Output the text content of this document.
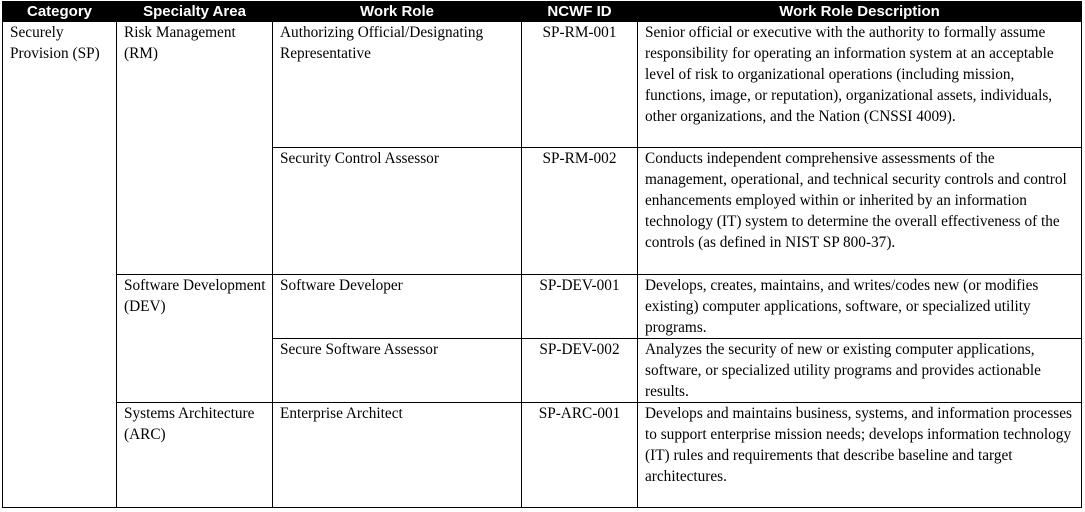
Category	Specialty Area	Work Role	NCWF ID	Work Role Description
Securely Provision (SP)	Risk Management (RM)	Authorizing Official/Designating Representative	SP-RM-001	Senior official or executive with the authority to formally assume responsibility for operating an information system at an acceptable level of risk to organizational operations (including mission, functions, image, or reputation), organizational assets, individuals, other organizations, and the Nation (CNSSI 4009).
		Security Control Assessor	SP-RM-002	Conducts independent comprehensive assessments of the management, operational, and technical security controls and control enhancements employed within or inherited by an information technology (IT) system to determine the overall effectiveness of the controls (as defined in NIST SP 800-37).
	Software Development (DEV)	Software Developer	SP-DEV-001	Develops, creates, maintains, and writes/codes new (or modifies existing) computer applications, software, or specialized utility programs.
		Secure Software Assessor	SP-DEV-002	Analyzes the security of new or existing computer applications, software, or specialized utility programs and provides actionable results.
	Systems Architecture (ARC)	Enterprise Architect	SP-ARC-001	Develops and maintains business, systems, and information processes to support enterprise mission needs; develops information technology (IT) rules and requirements that describe baseline and target architectures.
